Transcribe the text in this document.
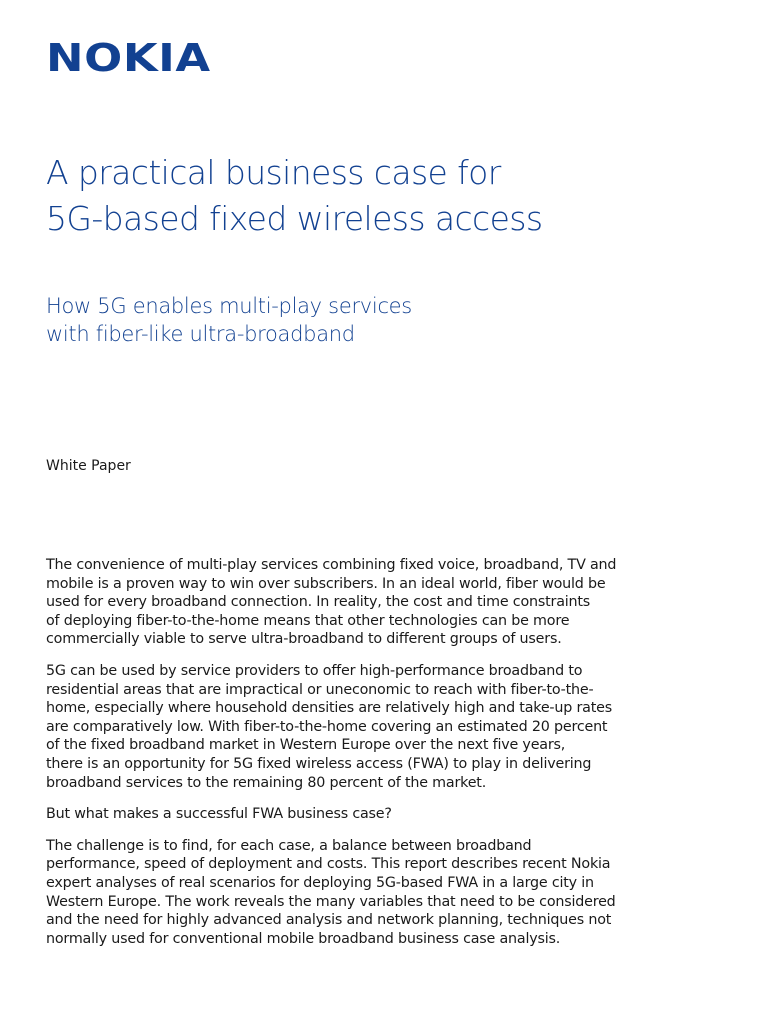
NOKIA
A practical business case for
5G-based fixed wireless access
How 5G enables multi-play services
with fiber-like ultra-broadband
White Paper

The convenience of multi-play services combining fixed voice, broadband, TV and
mobile is a proven way to win over subscribers. In an ideal world, fiber would be
used for every broadband connection. In reality, the cost and time constraints
of deploying fiber-to-the-home means that other technologies can be more
commercially viable to serve ultra-broadband to different groups of users.

5G can be used by service providers to offer high-performance broadband to
residential areas that are impractical or uneconomic to reach with fiber-to-the-
home, especially where household densities are relatively high and take-up rates
are comparatively low. With fiber-to-the-home covering an estimated 20 percent
of the fixed broadband market in Western Europe over the next five years,
there is an opportunity for 5G fixed wireless access (FWA) to play in delivering
broadband services to the remaining 80 percent of the market.

But what makes a successful FWA business case?

The challenge is to find, for each case, a balance between broadband
performance, speed of deployment and costs. This report describes recent Nokia
expert analyses of real scenarios for deploying 5G-based FWA in a large city in
Western Europe. The work reveals the many variables that need to be considered
and the need for highly advanced analysis and network planning, techniques not
normally used for conventional mobile broadband business case analysis.
